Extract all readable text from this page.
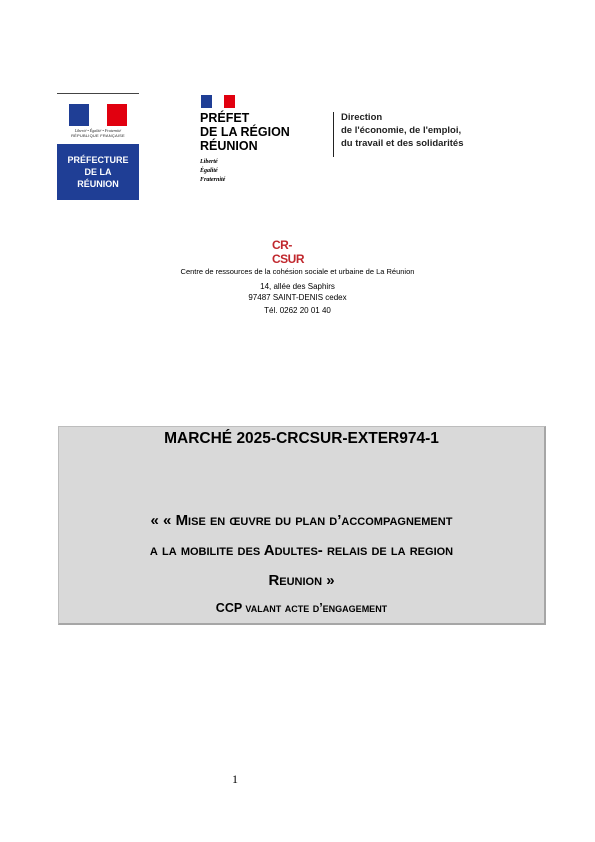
Liberté • Égalité • Fraternité
RÉPUBLIQUE FRANÇAISE
PRÉFECTURE
DE LA
RÉUNION
PRÉFET
DE LA RÉGION
RÉUNION
Liberté
Égalité
Fraternité
Direction
de l'économie, de l'emploi,
du travail et des solidarités
CR-CSUR
Centre de ressources de la cohésion sociale et urbaine de La Réunion
14, allée des Saphirs
97487 SAINT-DENIS cedex
Tél. 0262 20 01 40
MARCHÉ 2025-CRCSUR-EXTER974-1
« « Mise en œuvre du plan d’accompagnement
a la mobilite des Adultes- relais de la region
Reunion »
CCP valant acte d’engagement
1
